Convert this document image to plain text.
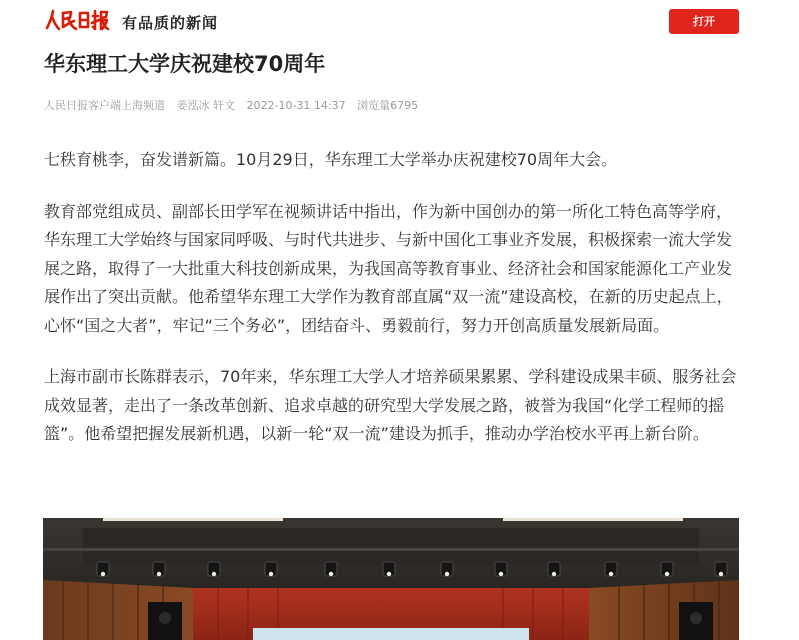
有品质的新闻	打开
华东理工大学庆祝建校70周年
人民日报客户端上海频道 姜泓冰 轩文 2022-10-31 14:37 浏览量6795

七秩育桃李，奋发谱新篇。10月29日，华东理工大学举办庆祝建校70周年大会。

教育部党组成员、副部长田学军在视频讲话中指出，作为新中国创办的第一所化工特色高等学府，华东理工大学始终与国家同呼吸、与时代共进步、与新中国化工事业齐发展，积极探索一流大学发展之路，取得了一大批重大科技创新成果，为我国高等教育事业、经济社会和国家能源化工产业发展作出了突出贡献。他希望华东理工大学作为教育部直属“双一流”建设高校，在新的历史起点上，心怀“国之大者”，牢记“三个务必”，团结奋斗、勇毅前行，努力开创高质量发展新局面。

上海市副市长陈群表示，70年来，华东理工大学人才培养硕果累累、学科建设成果丰硕、服务社会成效显著，走出了一条改革创新、追求卓越的研究型大学发展之路，被誉为我国“化学工程师的摇篮”。他希望把握发展新机遇，以新一轮“双一流”建设为抓手，推动办学治校水平再上新台阶。
